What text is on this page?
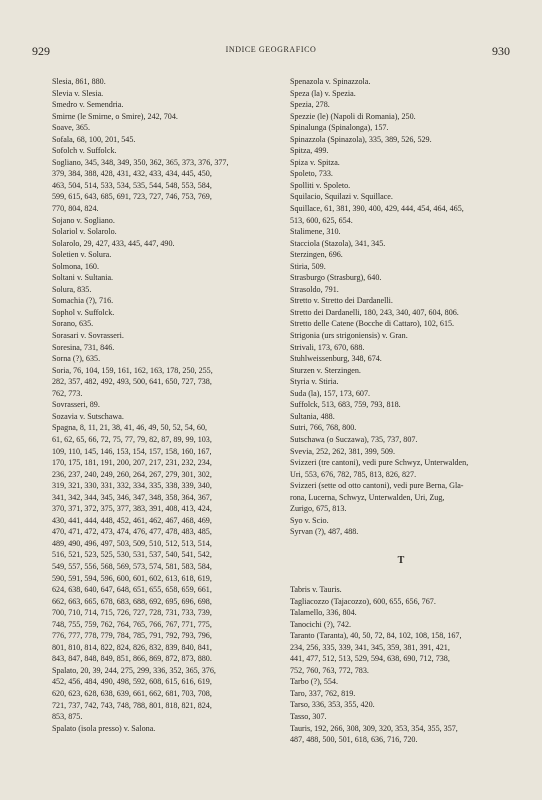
929	INDICE GEOGRAFICO	930
Slesia, 861, 880.
Slevia v. Slesia.
Smedro v. Semendria.
Smirne (le Smirne, o Smire), 242, 704.
Soave, 365.
Sofala, 68, 100, 201, 545.
Sofolch v. Suffolck.
Sogliano, 345, 348, 349, 350, 362, 365, 373, 376, 377,
379, 384, 388, 428, 431, 432, 433, 434, 445, 450,
463, 504, 514, 533, 534, 535, 544, 548, 553, 584,
599, 615, 643, 685, 691, 723, 727, 746, 753, 769,
770, 804, 824.
Sojano v. Sogliano.
Solariol v. Solarolo.
Solarolo, 29, 427, 433, 445, 447, 490.
Soletien v. Solura.
Solmona, 160.
Soltani v. Sultania.
Solura, 835.
Somachia (?), 716.
Sophol v. Suffolck.
Sorano, 635.
Sorasari v. Sovrasseri.
Soresina, 731, 846.
Sorna (?), 635.
Soria, 76, 104, 159, 161, 162, 163, 178, 250, 255,
282, 357, 482, 492, 493, 500, 641, 650, 727, 738,
762, 773.
Sovrasseri, 89.
Sozavia v. Sutschawa.
Spagna, 8, 11, 21, 38, 41, 46, 49, 50, 52, 54, 60,
61, 62, 65, 66, 72, 75, 77, 79, 82, 87, 89, 99, 103,
109, 110, 145, 146, 153, 154, 157, 158, 160, 167,
170, 175, 181, 191, 200, 207, 217, 231, 232, 234,
236, 237, 240, 249, 260, 264, 267, 279, 301, 302,
319, 321, 330, 331, 332, 334, 335, 338, 339, 340,
341, 342, 344, 345, 346, 347, 348, 358, 364, 367,
370, 371, 372, 375, 377, 383, 391, 408, 413, 424,
430, 441, 444, 448, 452, 461, 462, 467, 468, 469,
470, 471, 472, 473, 474, 476, 477, 478, 483, 485,
489, 490, 496, 497, 503, 509, 510, 512, 513, 514,
516, 521, 523, 525, 530, 531, 537, 540, 541, 542,
549, 557, 556, 568, 569, 573, 574, 581, 583, 584,
590, 591, 594, 596, 600, 601, 602, 613, 618, 619,
624, 638, 640, 647, 648, 651, 655, 658, 659, 661,
662, 663, 665, 678, 683, 688, 692, 695, 696, 698,
700, 710, 714, 715, 726, 727, 728, 731, 733, 739,
748, 755, 759, 762, 764, 765, 766, 767, 771, 775,
776, 777, 778, 779, 784, 785, 791, 792, 793, 796,
801, 810, 814, 822, 824, 826, 832, 839, 840, 841,
843, 847, 848, 849, 851, 866, 869, 872, 873, 880.
Spalato, 20, 39, 244, 275, 299, 336, 352, 365, 376,
452, 456, 484, 490, 498, 592, 608, 615, 616, 619,
620, 623, 628, 638, 639, 661, 662, 681, 703, 708,
721, 737, 742, 743, 748, 788, 801, 818, 821, 824,
853, 875.
Spalato (isola presso) v. Salona.
Spenazola v. Spinazzola.
Speza (la) v. Spezia.
Spezia, 278.
Spezzie (le) (Napoli di Romania), 250.
Spinalunga (Spinalonga), 157.
Spinazzola (Spinazola), 335, 389, 526, 529.
Spitza, 499.
Spiza v. Spitza.
Spoleto, 733.
Spolliti v. Spoleto.
Squilacio, Squilazi v. Squillace.
Squillace, 61, 381, 390, 400, 429, 444, 454, 464, 465,
513, 600, 625, 654.
Stalimene, 310.
Stacciola (Stazola), 341, 345.
Sterzingen, 696.
Stiria, 509.
Strasburgo (Strasburg), 640.
Strasoldo, 791.
Stretto v. Stretto dei Dardanelli.
Stretto dei Dardanelli, 180, 243, 340, 407, 604, 806.
Stretto delle Catene (Bocche di Cattaro), 102, 615.
Strigonia (urs strigoniensis) v. Gran.
Strivali, 173, 670, 688.
Stuhlweissenburg, 348, 674.
Sturzen v. Sterzingen.
Styria v. Stiria.
Suda (la), 157, 173, 607.
Suffolck, 513, 683, 759, 793, 818.
Sultania, 488.
Sutri, 766, 768, 800.
Sutschawa (o Suczawa), 735, 737, 807.
Svevia, 252, 262, 381, 399, 509.
Svizzeri (tre cantoni), vedi pure Schwyz, Unterwalden,
Uri, 553, 676, 782, 785, 813, 826, 827.
Svizzeri (sette od otto cantoni), vedi pure Berna, Gla-
rona, Lucerna, Schwyz, Unterwalden, Uri, Zug,
Zurigo, 675, 813.
Syo v. Scio.
Syrvan (?), 487, 488.
T
Tabris v. Tauris.
Tagliacozzo (Tajacozzo), 600, 655, 656, 767.
Talamello, 336, 804.
Tanocichi (?), 742.
Taranto (Taranta), 40, 50, 72, 84, 102, 108, 158, 167,
234, 256, 335, 339, 341, 345, 359, 381, 391, 421,
441, 477, 512, 513, 529, 594, 638, 690, 712, 738,
752, 760, 763, 772, 783.
Tarbo (?), 554.
Taro, 337, 762, 819.
Tarso, 336, 353, 355, 420.
Tasso, 307.
Tauris, 192, 266, 308, 309, 320, 353, 354, 355, 357,
487, 488, 500, 501, 618, 636, 716, 720.
